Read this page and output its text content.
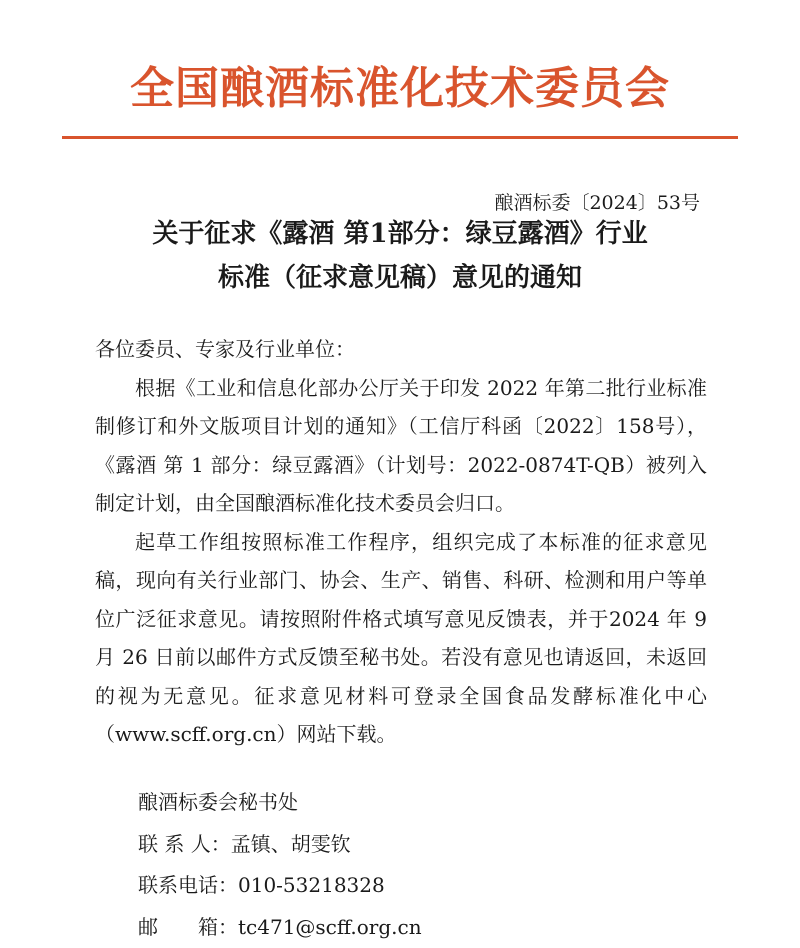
全国酿酒标准化技术委员会
酿酒标委〔2024〕53号
关于征求《露酒 第1部分：绿豆露酒》行业
标准（征求意见稿）意见的通知

各位委员、专家及行业单位：

根据《工业和信息化部办公厅关于印发 2022 年第二批行业标准制修订和外文版项目计划的通知》（工信厅科函〔2022〕158号），《露酒 第 1 部分：绿豆露酒》（计划号：2022-0874T-QB）被列入制定计划，由全国酿酒标准化技术委员会归口。

起草工作组按照标准工作程序，组织完成了本标准的征求意见稿，现向有关行业部门、协会、生产、销售、科研、检测和用户等单位广泛征求意见。请按照附件格式填写意见反馈表，并于2024 年 9 月 26 日前以邮件方式反馈至秘书处。若没有意见也请返回，未返回的视为无意见。征求意见材料可登录全国食品发酵标准化中心（www.scff.org.cn）网站下载。

酿酒标委会秘书处
联 系 人：孟镇、胡雯钦
联系电话：010-53218328
邮　　箱：tc471@scff.org.cn
